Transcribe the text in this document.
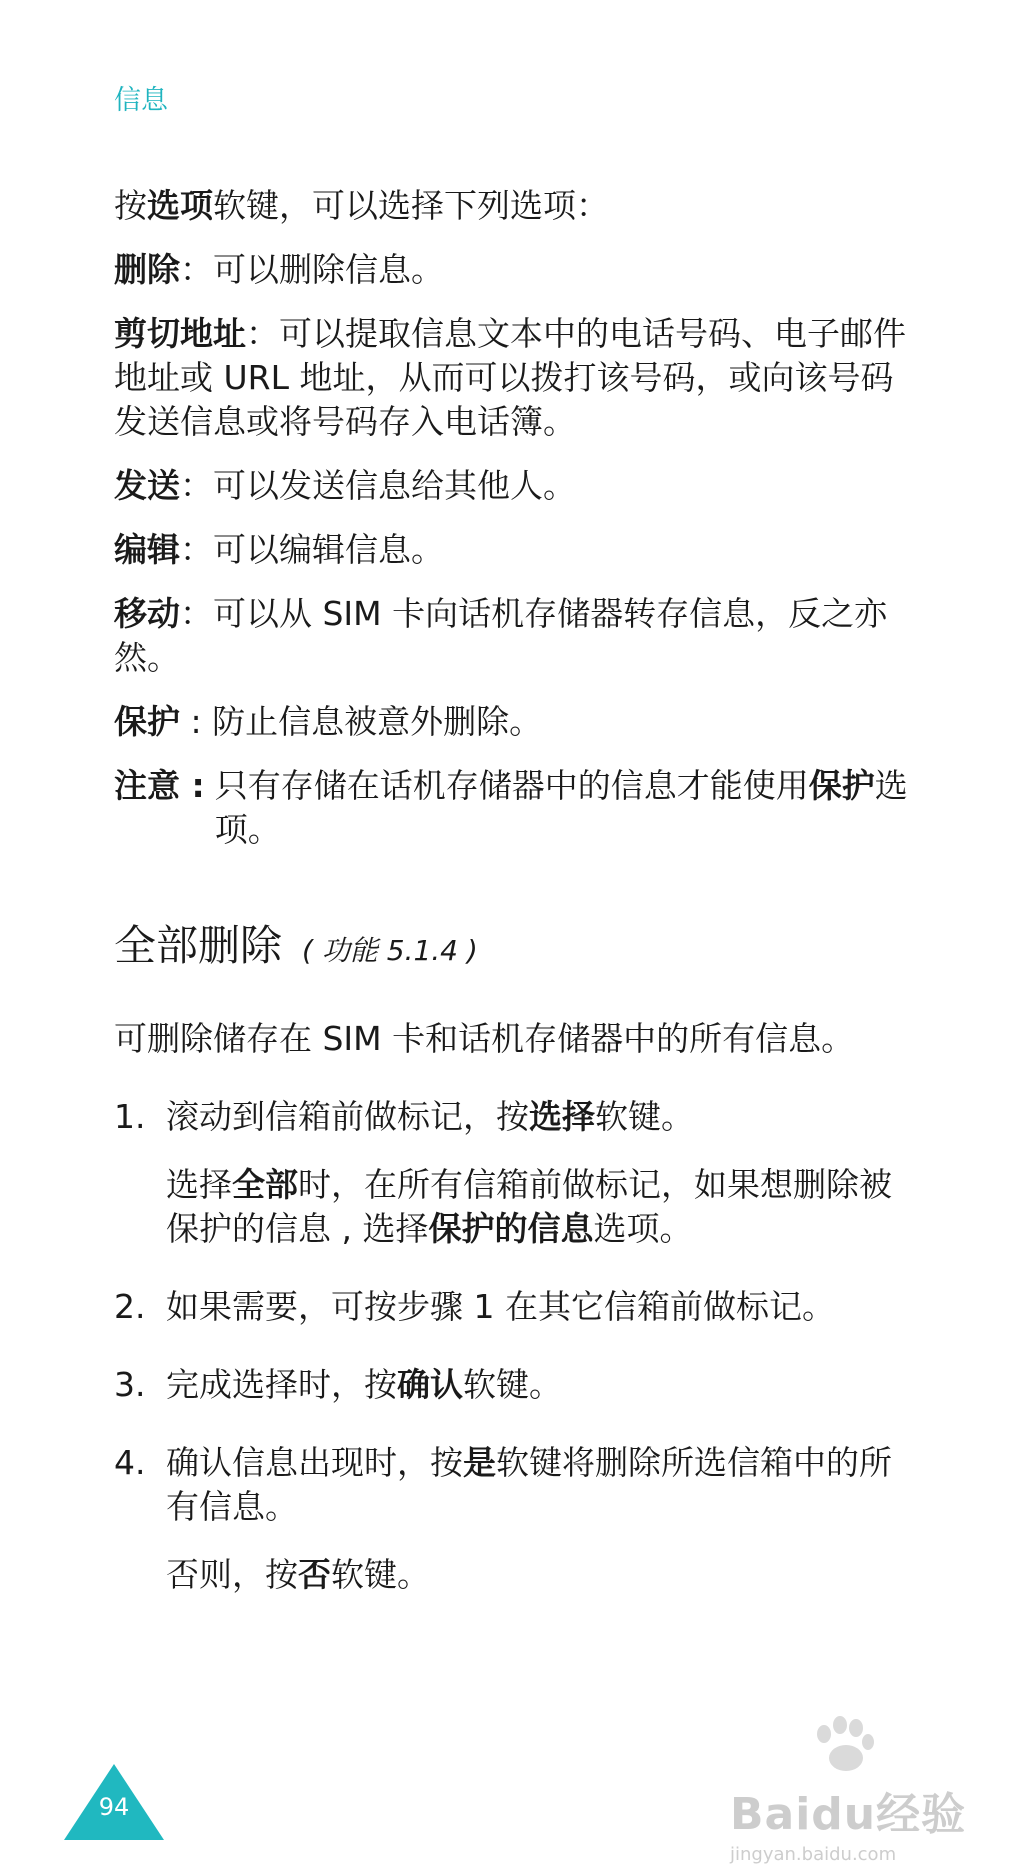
信息

按选项软键，可以选择下列选项：

删除：可以删除信息。

剪切地址：可以提取信息文本中的电话号码、电子邮件地址或 URL 地址，从而可以拨打该号码，或向该号码发送信息或将号码存入电话簿。

发送：可以发送信息给其他人。

编辑：可以编辑信息。

移动：可以从 SIM 卡向话机存储器转存信息，反之亦然。

保护 : 防止信息被意外删除。

注意 : 只有存储在话机存储器中的信息才能使用保护选项。

全部删除 ( 功能 5.1.4 )
可删除储存在 SIM 卡和话机存储器中的所有信息。
1. 滚动到信箱前做标记，按选择软键。
选择全部时，在所有信箱前做标记，如果想删除被保护的信息 , 选择保护的信息选项。
2. 如果需要，可按步骤 1 在其它信箱前做标记。
3. 完成选择时，按确认软键。
4. 确认信息出现时，按是软键将删除所选信箱中的所有信息。
否则，按否软键。
94	Baidu经验
jingyan.baidu.com
